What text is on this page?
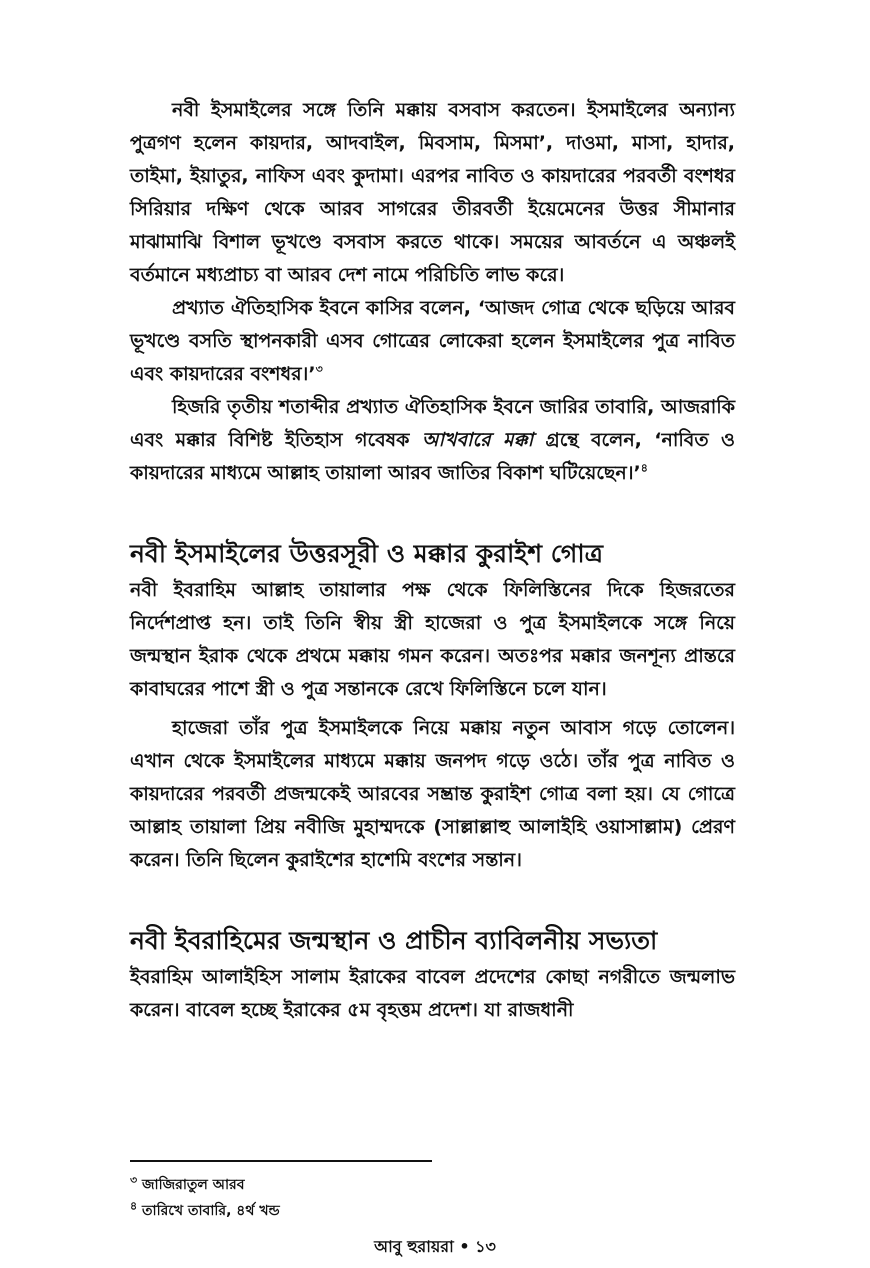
নবী ইসমাইলের সঙ্গে তিনি মক্কায় বসবাস করতেন। ইসমাইলের অন্যান্য পুত্রগণ হলেন কায়দার, আদবাইল, মিবসাম, মিসমা’, দাওমা, মাসা, হাদার, তাইমা, ইয়াতুর, নাফিস এবং কুদামা। এরপর নাবিত ও কায়দারের পরবর্তী বংশধর সিরিয়ার দক্ষিণ থেকে আরব সাগরের তীরবর্তী ইয়েমেনের উত্তর সীমানার মাঝামাঝি বিশাল ভূখণ্ডে বসবাস করতে থাকে। সময়ের আবর্তনে এ অঞ্চলই বর্তমানে মধ্যপ্রাচ্য বা আরব দেশ নামে পরিচিতি লাভ করে।

প্রখ্যাত ঐতিহাসিক ইবনে কাসির বলেন, ‘আজদ গোত্র থেকে ছড়িয়ে আরব ভূখণ্ডে বসতি স্থাপনকারী এসব গোত্রের লোকেরা হলেন ইসমাইলের পুত্র নাবিত এবং কায়দারের বংশধর।’$^৩$

হিজরি তৃতীয় শতাব্দীর প্রখ্যাত ঐতিহাসিক ইবনে জারির তাবারি, আজরাকি এবং মক্কার বিশিষ্ট ইতিহাস গবেষক আখবারে মক্কা গ্রন্থে বলেন, ‘নাবিত ও কায়দারের মাধ্যমে আল্লাহ তায়ালা আরব জাতির বিকাশ ঘটিয়েছেন।’$^৪$

নবী ইসমাইলের উত্তরসূরী ও মক্কার কুরাইশ গোত্র

নবী ইবরাহিম আল্লাহ তায়ালার পক্ষ থেকে ফিলিস্তিনের দিকে হিজরতের নির্দেশপ্রাপ্ত হন। তাই তিনি স্বীয় স্ত্রী হাজেরা ও পুত্র ইসমাইলকে সঙ্গে নিয়ে জন্মস্থান ইরাক থেকে প্রথমে মক্কায় গমন করেন। অতঃপর মক্কার জনশূন্য প্রান্তরে কাবাঘরের পাশে স্ত্রী ও পুত্র সন্তানকে রেখে ফিলিস্তিনে চলে যান।

হাজেরা তাঁর পুত্র ইসমাইলকে নিয়ে মক্কায় নতুন আবাস গড়ে তোলেন। এখান থেকে ইসমাইলের মাধ্যমে মক্কায় জনপদ গড়ে ওঠে। তাঁর পুত্র নাবিত ও কায়দারের পরবর্তী প্রজন্মকেই আরবের সম্ভ্রান্ত কুরাইশ গোত্র বলা হয়। যে গোত্রে আল্লাহ তায়ালা প্রিয় নবীজি মুহাম্মদকে (সাল্লাল্লাহু আলাইহি ওয়াসাল্লাম) প্রেরণ করেন। তিনি ছিলেন কুরাইশের হাশেমি বংশের সন্তান।

নবী ইবরাহিমের জন্মস্থান ও প্রাচীন ব্যাবিলনীয় সভ্যতা

ইবরাহিম আলাইহিস সালাম ইরাকের বাবেল প্রদেশের কোছা নগরীতে জন্মলাভ করেন। বাবেল হচ্ছে ইরাকের ৫ম বৃহত্তম প্রদেশ। যা রাজধানী

$^৩$ জাজিরাতুল আরব
$^৪$ তারিখে তাবারি, ৪র্থ খন্ড
আবু হুরায়রা • ১৩
